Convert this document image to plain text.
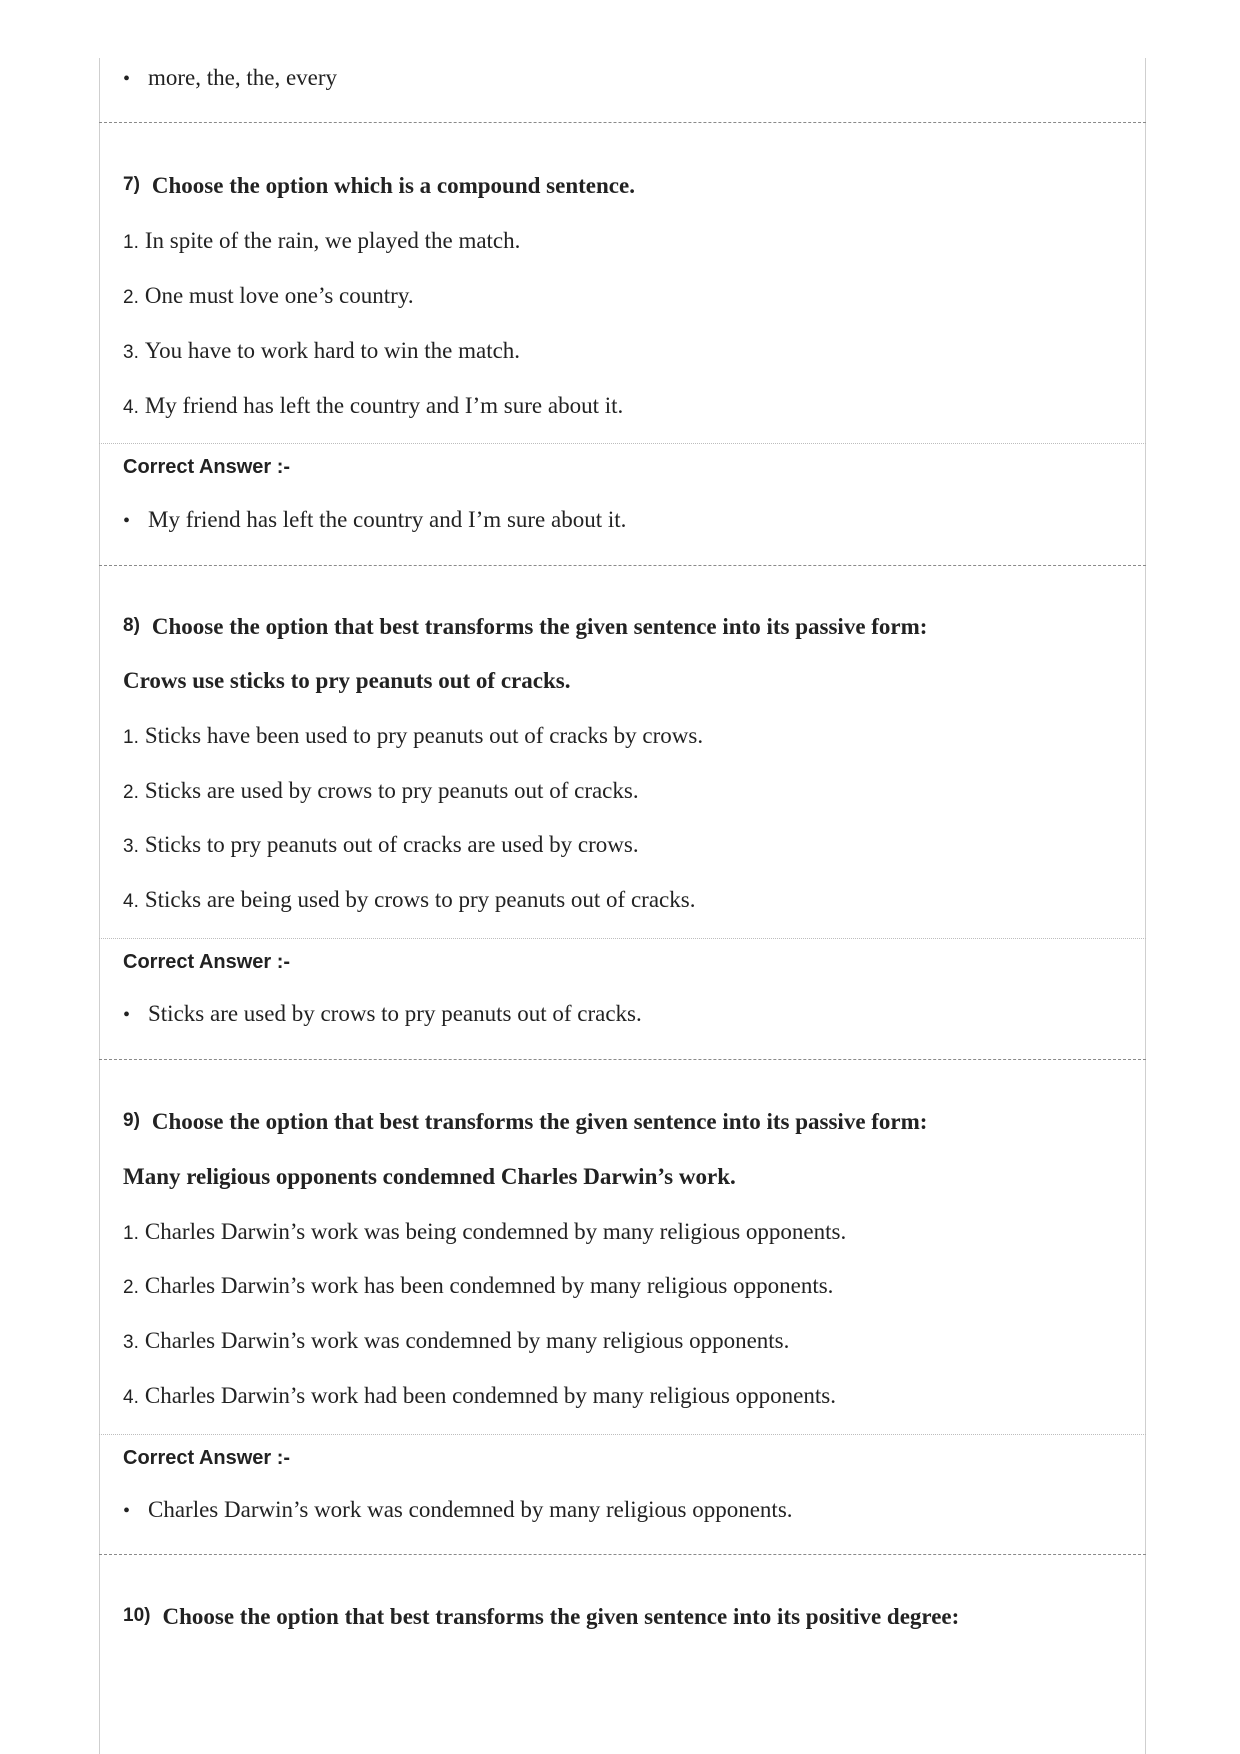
• more, the, the, every
7) Choose the option which is a compound sentence.
1. In spite of the rain, we played the match.
2. One must love one’s country.
3. You have to work hard to win the match.
4. My friend has left the country and I’m sure about it.
Correct Answer :-
• My friend has left the country and I’m sure about it.
8) Choose the option that best transforms the given sentence into its passive form:
Crows use sticks to pry peanuts out of cracks.
1. Sticks have been used to pry peanuts out of cracks by crows.
2. Sticks are used by crows to pry peanuts out of cracks.
3. Sticks to pry peanuts out of cracks are used by crows.
4. Sticks are being used by crows to pry peanuts out of cracks.
Correct Answer :-
• Sticks are used by crows to pry peanuts out of cracks.
9) Choose the option that best transforms the given sentence into its passive form:
Many religious opponents condemned Charles Darwin’s work.
1. Charles Darwin’s work was being condemned by many religious opponents.
2. Charles Darwin’s work has been condemned by many religious opponents.
3. Charles Darwin’s work was condemned by many religious opponents.
4. Charles Darwin’s work had been condemned by many religious opponents.
Correct Answer :-
• Charles Darwin’s work was condemned by many religious opponents.
10) Choose the option that best transforms the given sentence into its positive degree:
